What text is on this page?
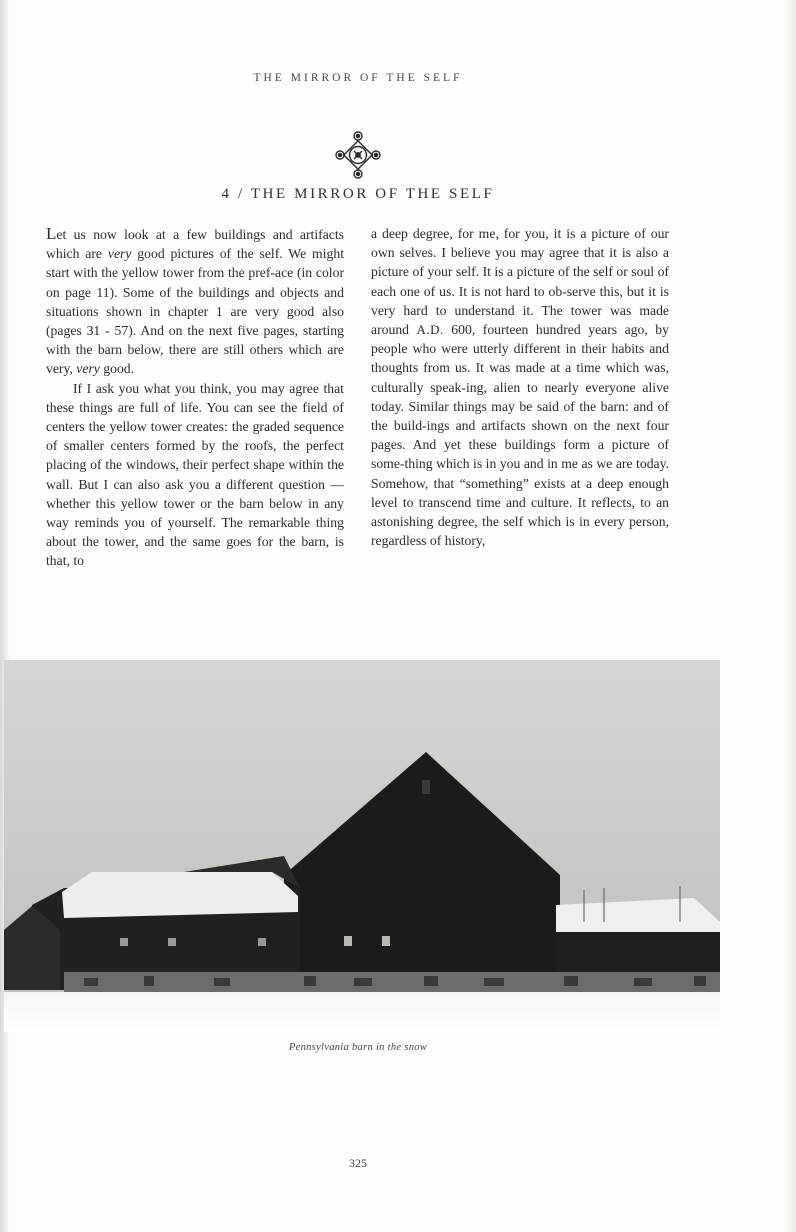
THE MIRROR OF THE SELF
4 / THE MIRROR OF THE SELF

Let us now look at a few buildings and artifacts which are very good pictures of the self. We might start with the yellow tower from the pref-ace (in color on page 11). Some of the buildings and objects and situations shown in chapter 1 are very good also (pages 31 - 57). And on the next five pages, starting with the barn below, there are still others which are very, very good.

If I ask you what you think, you may agree that these things are full of life. You can see the field of centers the yellow tower creates: the graded sequence of smaller centers formed by the roofs, the perfect placing of the windows, their perfect shape within the wall. But I can also ask you a different question — whether this yellow tower or the barn below in any way reminds you of yourself. The remarkable thing about the tower, and the same goes for the barn, is that, to

a deep degree, for me, for you, it is a picture of our own selves. I believe you may agree that it is also a picture of your self. It is a picture of the self or soul of each one of us. It is not hard to ob-serve this, but it is very hard to understand it. The tower was made around A.D. 600, fourteen hundred years ago, by people who were utterly different in their habits and thoughts from us. It was made at a time which was, culturally speak-ing, alien to nearly everyone alive today. Similar things may be said of the barn: and of the build-ings and artifacts shown on the next four pages. And yet these buildings form a picture of some-thing which is in you and in me as we are today. Somehow, that “something” exists at a deep enough level to transcend time and culture. It reflects, to an astonishing degree, the self which is in every person, regardless of history,

Pennsylvania barn in the snow
325
